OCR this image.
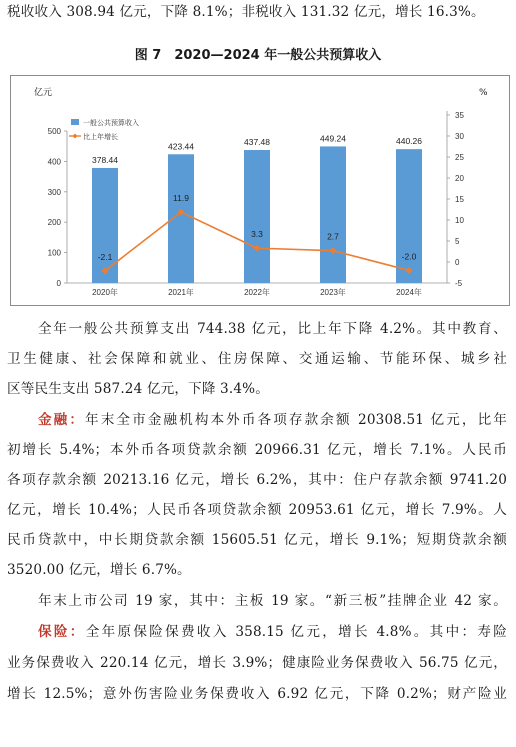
税收收入 308.94 亿元，下降 8.1%；非税收入 131.32 亿元，增长 16.3%。
图 7　2020—2024 年一般公共预算收入
0
100
200
300
400
500
-5
0
5
10
15
20
25
30
35
亿元	%
378.44
423.44	437.48	449.24	440.26
-2.1
11.9
3.3	2.7
-2.0
2020年	2021年	2022年	2023年	2024年
一般公共预算收入
比上年增长
全年一般公共预算支出 744.38 亿元，比上年下降 4.2%。其中教育、
卫生健康、社会保障和就业、住房保障、交通运输、节能环保、城乡社
区等民生支出 587.24 亿元，下降 3.4%。
金融：年末全市金融机构本外币各项存款余额 20308.51 亿元，比年
初增长 5.4%；本外币各项贷款余额 20966.31 亿元，增长 7.1%。人民币
各项存款余额 20213.16 亿元，增长 6.2%，其中：住户存款余额 9741.20
亿元，增长 10.4%；人民币各项贷款余额 20953.61 亿元，增长 7.9%。人
民币贷款中，中长期贷款余额 15605.51 亿元，增长 9.1%；短期贷款余额
3520.00 亿元，增长 6.7%。
年末上市公司 19 家，其中：主板 19 家。“新三板”挂牌企业 42 家。
保险：全年原保险保费收入 358.15 亿元，增长 4.8%。其中：寿险
业务保费收入 220.14 亿元，增长 3.9%；健康险业务保费收入 56.75 亿元，
增长 12.5%；意外伤害险业务保费收入 6.92 亿元，下降 0.2%；财产险业
